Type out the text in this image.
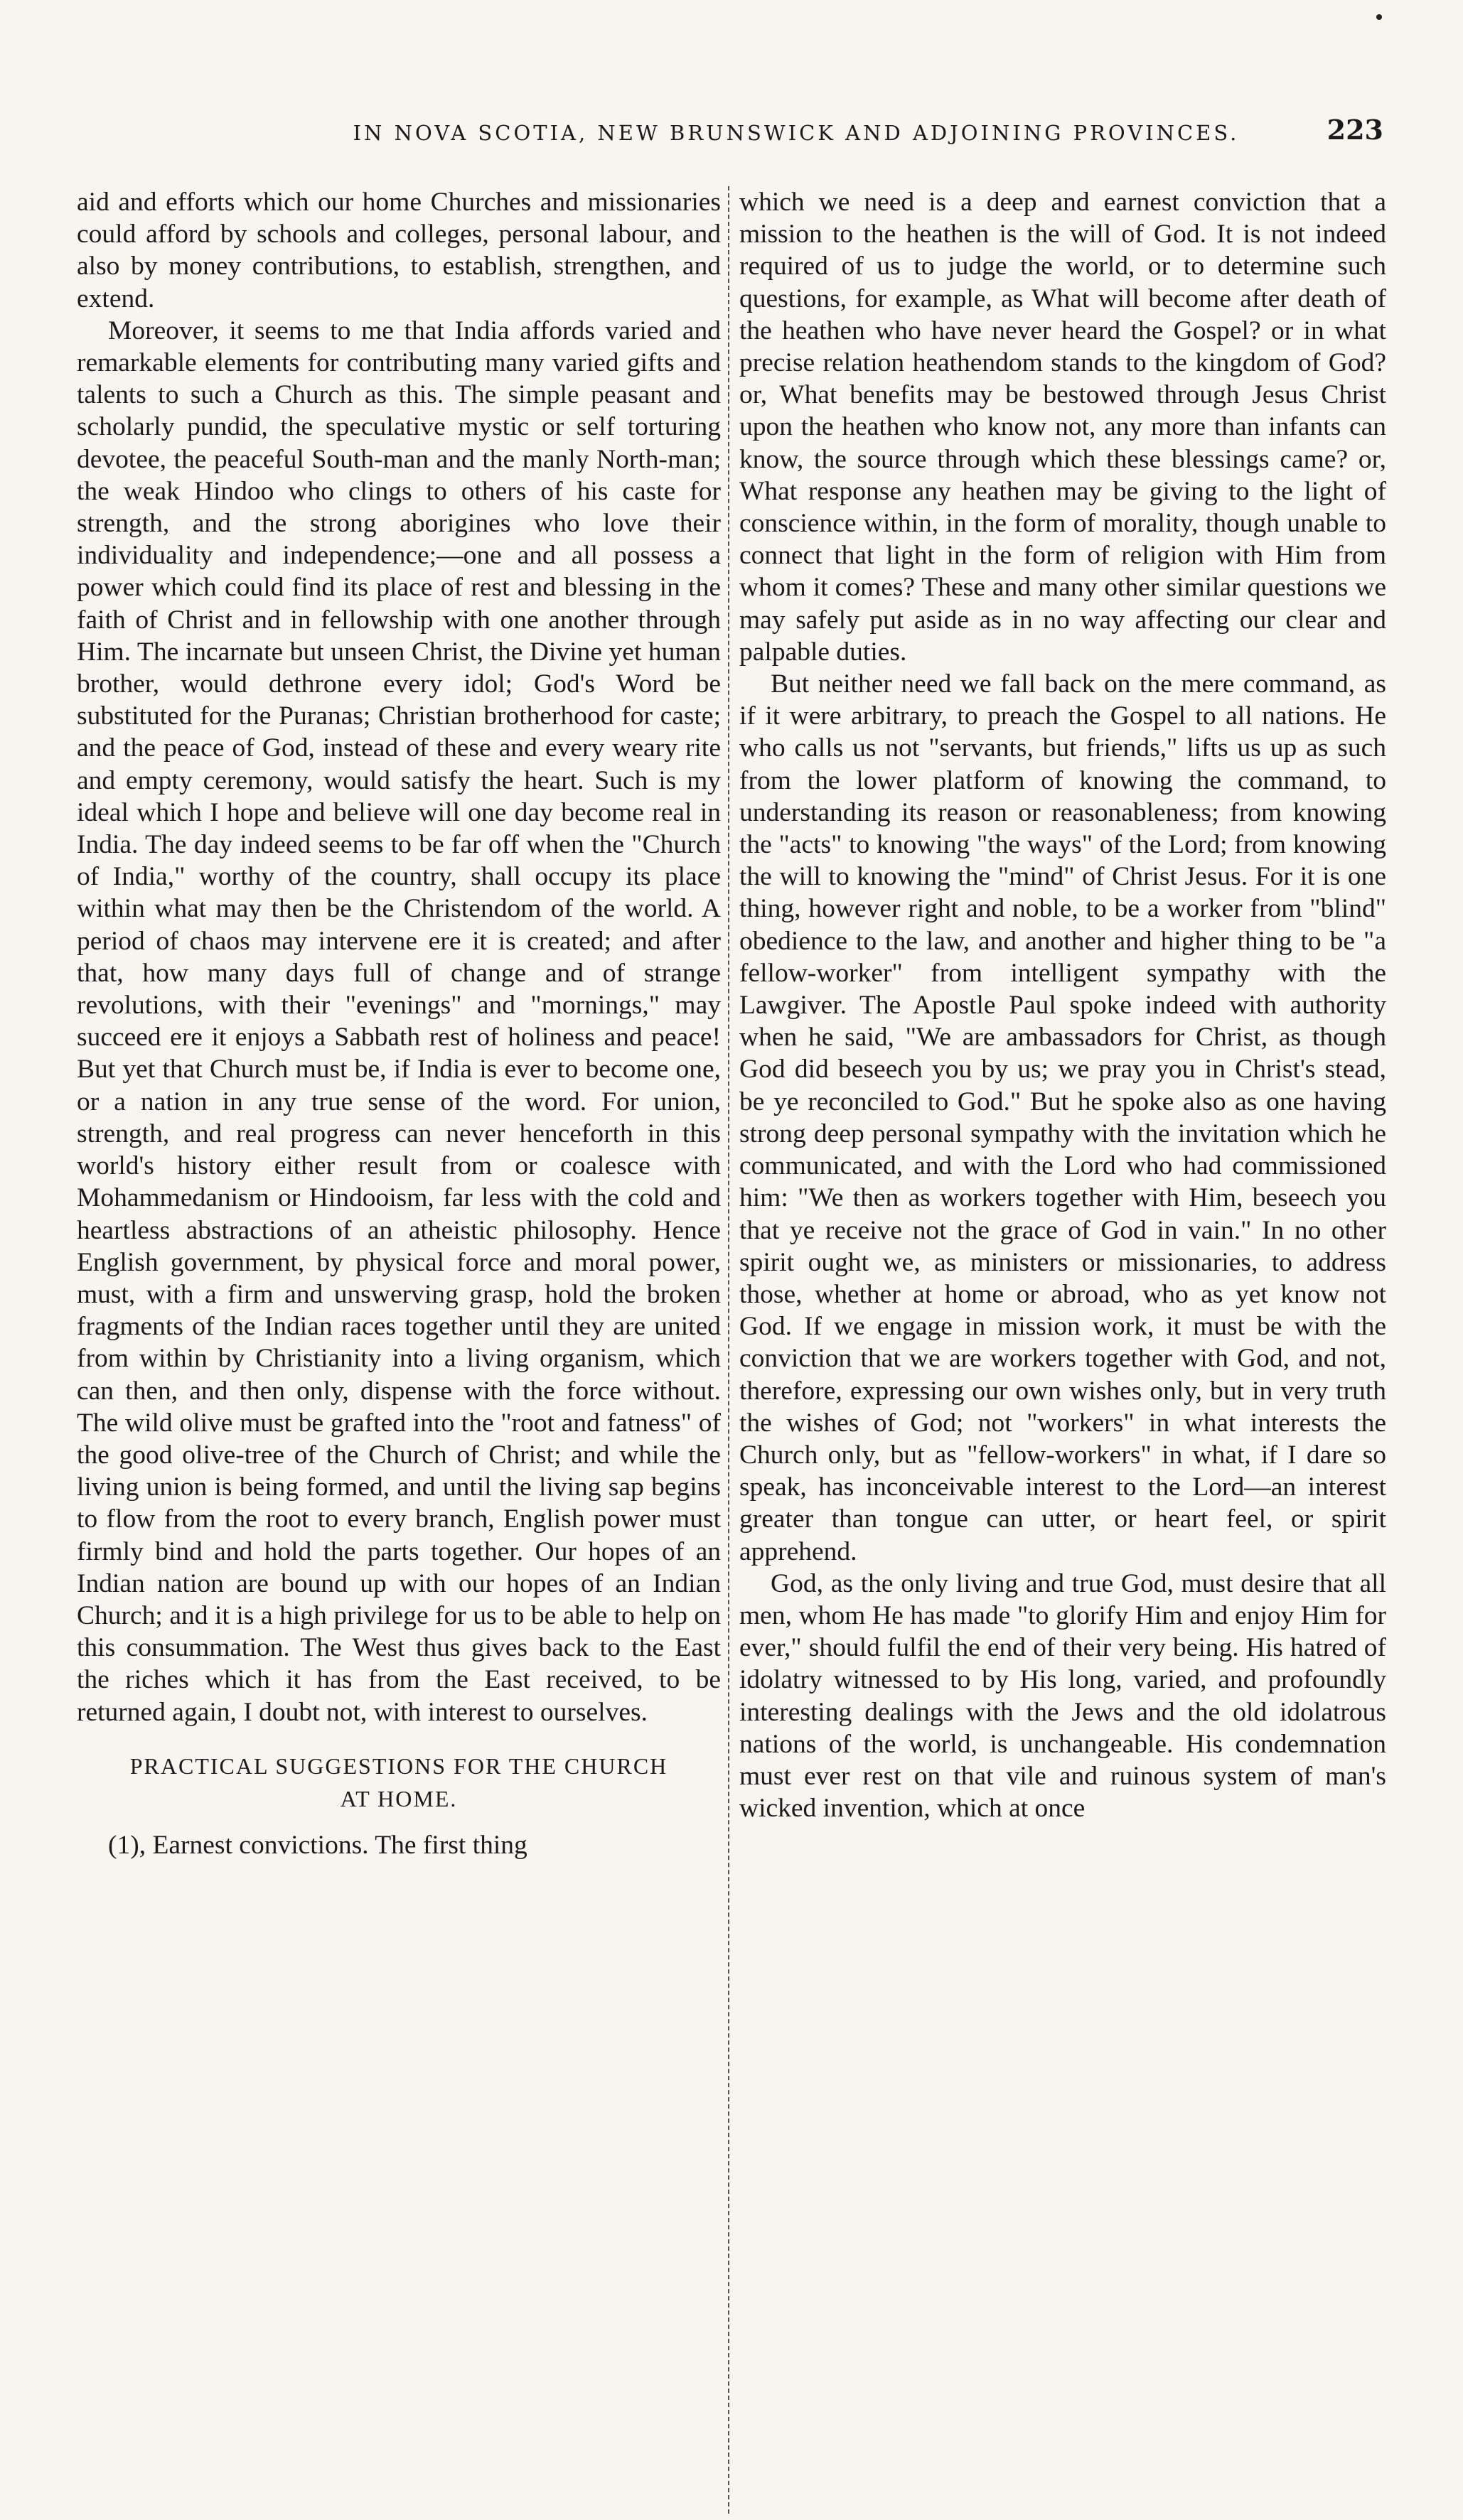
IN NOVA SCOTIA, NEW BRUNSWICK AND ADJOINING PROVINCES.	223

aid and efforts which our home Churches and missionaries could afford by schools and colleges, personal labour, and also by money contributions, to establish, strengthen, and extend.

Moreover, it seems to me that India affords varied and remarkable elements for contributing many varied gifts and talents to such a Church as this. The simple peasant and scholarly pundid, the speculative mystic or self torturing devotee, the peaceful South-man and the manly North-man; the weak Hindoo who clings to others of his caste for strength, and the strong aborigines who love their individuality and independence;—one and all possess a power which could find its place of rest and blessing in the faith of Christ and in fellowship with one another through Him. The incarnate but unseen Christ, the Divine yet human brother, would dethrone every idol; God's Word be substituted for the Puranas; Christian brotherhood for caste; and the peace of God, instead of these and every weary rite and empty ceremony, would satisfy the heart. Such is my ideal which I hope and believe will one day become real in India. The day indeed seems to be far off when the "Church of India," worthy of the country, shall occupy its place within what may then be the Christendom of the world. A period of chaos may intervene ere it is created; and after that, how many days full of change and of strange revolutions, with their "evenings" and "mornings," may succeed ere it enjoys a Sabbath rest of holiness and peace! But yet that Church must be, if India is ever to become one, or a nation in any true sense of the word. For union, strength, and real progress can never henceforth in this world's history either result from or coalesce with Mohammedanism or Hindooism, far less with the cold and heartless abstractions of an atheistic philosophy. Hence English government, by physical force and moral power, must, with a firm and unswerving grasp, hold the broken fragments of the Indian races together until they are united from within by Christianity into a living organism, which can then, and then only, dispense with the force without. The wild olive must be grafted into the "root and fatness" of the good olive-tree of the Church of Christ; and while the living union is being formed, and until the living sap begins to flow from the root to every branch, English power must firmly bind and hold the parts together. Our hopes of an Indian nation are bound up with our hopes of an Indian Church; and it is a high privilege for us to be able to help on this consummation. The West thus gives back to the East the riches which it has from the East received, to be returned again, I doubt not, with interest to ourselves.

PRACTICAL SUGGESTIONS FOR THE CHURCH
AT HOME.

(1), Earnest convictions. The first thing

which we need is a deep and earnest conviction that a mission to the heathen is the will of God. It is not indeed required of us to judge the world, or to determine such questions, for example, as What will become after death of the heathen who have never heard the Gospel? or in what precise relation heathendom stands to the kingdom of God? or, What benefits may be bestowed through Jesus Christ upon the heathen who know not, any more than infants can know, the source through which these blessings came? or, What response any heathen may be giving to the light of conscience within, in the form of morality, though unable to connect that light in the form of religion with Him from whom it comes? These and many other similar questions we may safely put aside as in no way affecting our clear and palpable duties.

But neither need we fall back on the mere command, as if it were arbitrary, to preach the Gospel to all nations. He who calls us not "servants, but friends," lifts us up as such from the lower platform of knowing the command, to understanding its reason or reasonableness; from knowing the "acts" to knowing "the ways" of the Lord; from knowing the will to knowing the "mind" of Christ Jesus. For it is one thing, however right and noble, to be a worker from "blind" obedience to the law, and another and higher thing to be "a fellow-worker" from intelligent sympathy with the Lawgiver. The Apostle Paul spoke indeed with authority when he said, "We are ambassadors for Christ, as though God did beseech you by us; we pray you in Christ's stead, be ye reconciled to God." But he spoke also as one having strong deep personal sympathy with the invitation which he communicated, and with the Lord who had commissioned him: "We then as workers together with Him, beseech you that ye receive not the grace of God in vain." In no other spirit ought we, as ministers or missionaries, to address those, whether at home or abroad, who as yet know not God. If we engage in mission work, it must be with the conviction that we are workers together with God, and not, therefore, expressing our own wishes only, but in very truth the wishes of God; not "workers" in what interests the Church only, but as "fellow-workers" in what, if I dare so speak, has inconceivable interest to the Lord—an interest greater than tongue can utter, or heart feel, or spirit apprehend.

God, as the only living and true God, must desire that all men, whom He has made "to glorify Him and enjoy Him for ever," should fulfil the end of their very being. His hatred of idolatry witnessed to by His long, varied, and profoundly interesting dealings with the Jews and the old idolatrous nations of the world, is unchangeable. His condemnation must ever rest on that vile and ruinous system of man's wicked invention, which at once
